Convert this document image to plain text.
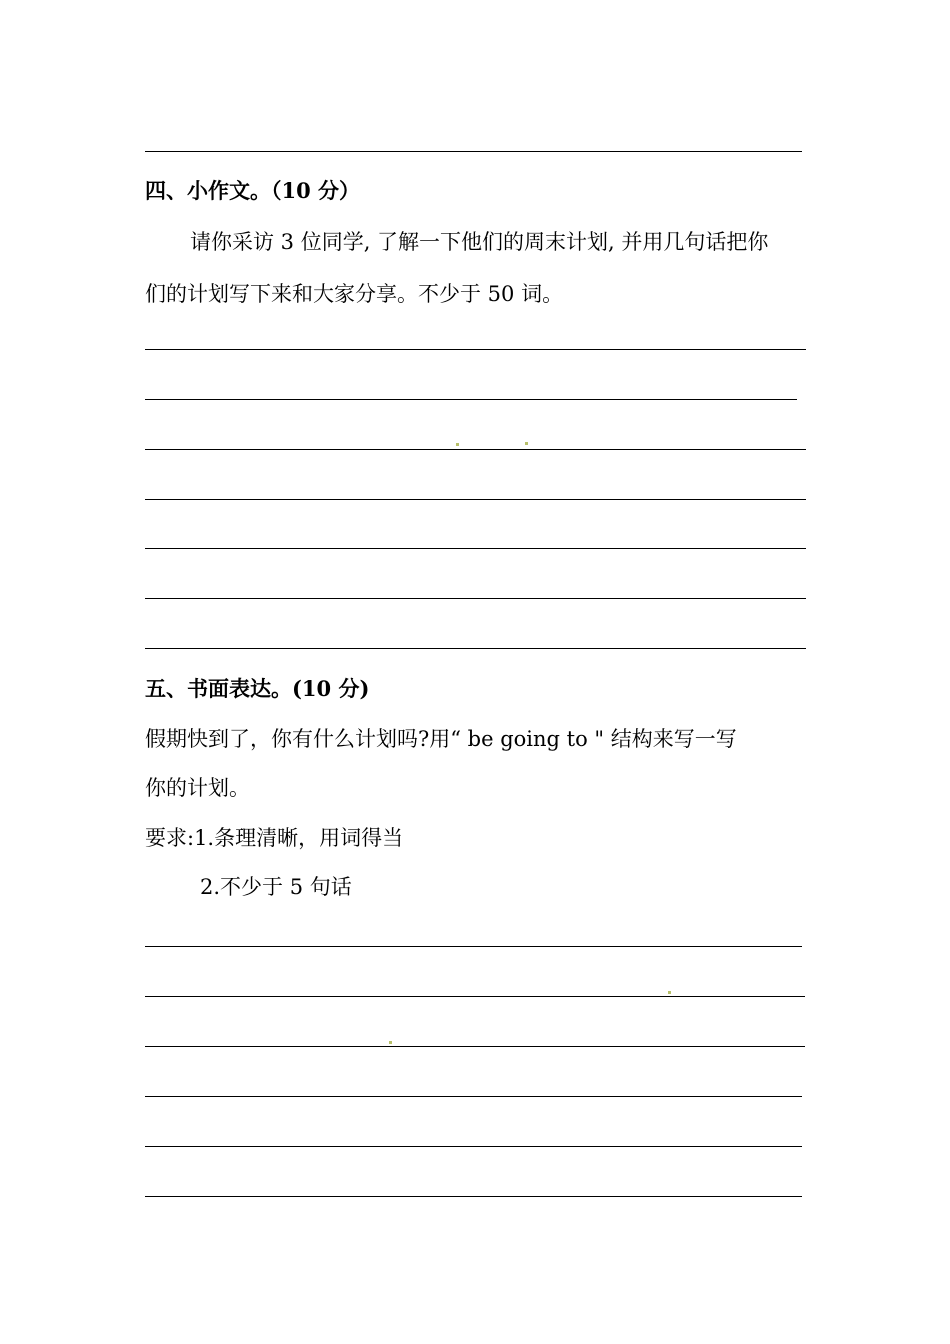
四、小作文。（10 分）
请你采访 3 位同学, 了解一下他们的周末计划, 并用几句话把你
们的计划写下来和大家分享。不少于 50 词。
五、书面表达。(10 分)
假期快到了，你有什么计划吗?用“ be going to " 结构来写一写
你的计划。
要求:1.条理清晰，用词得当
2.不少于 5 句话
